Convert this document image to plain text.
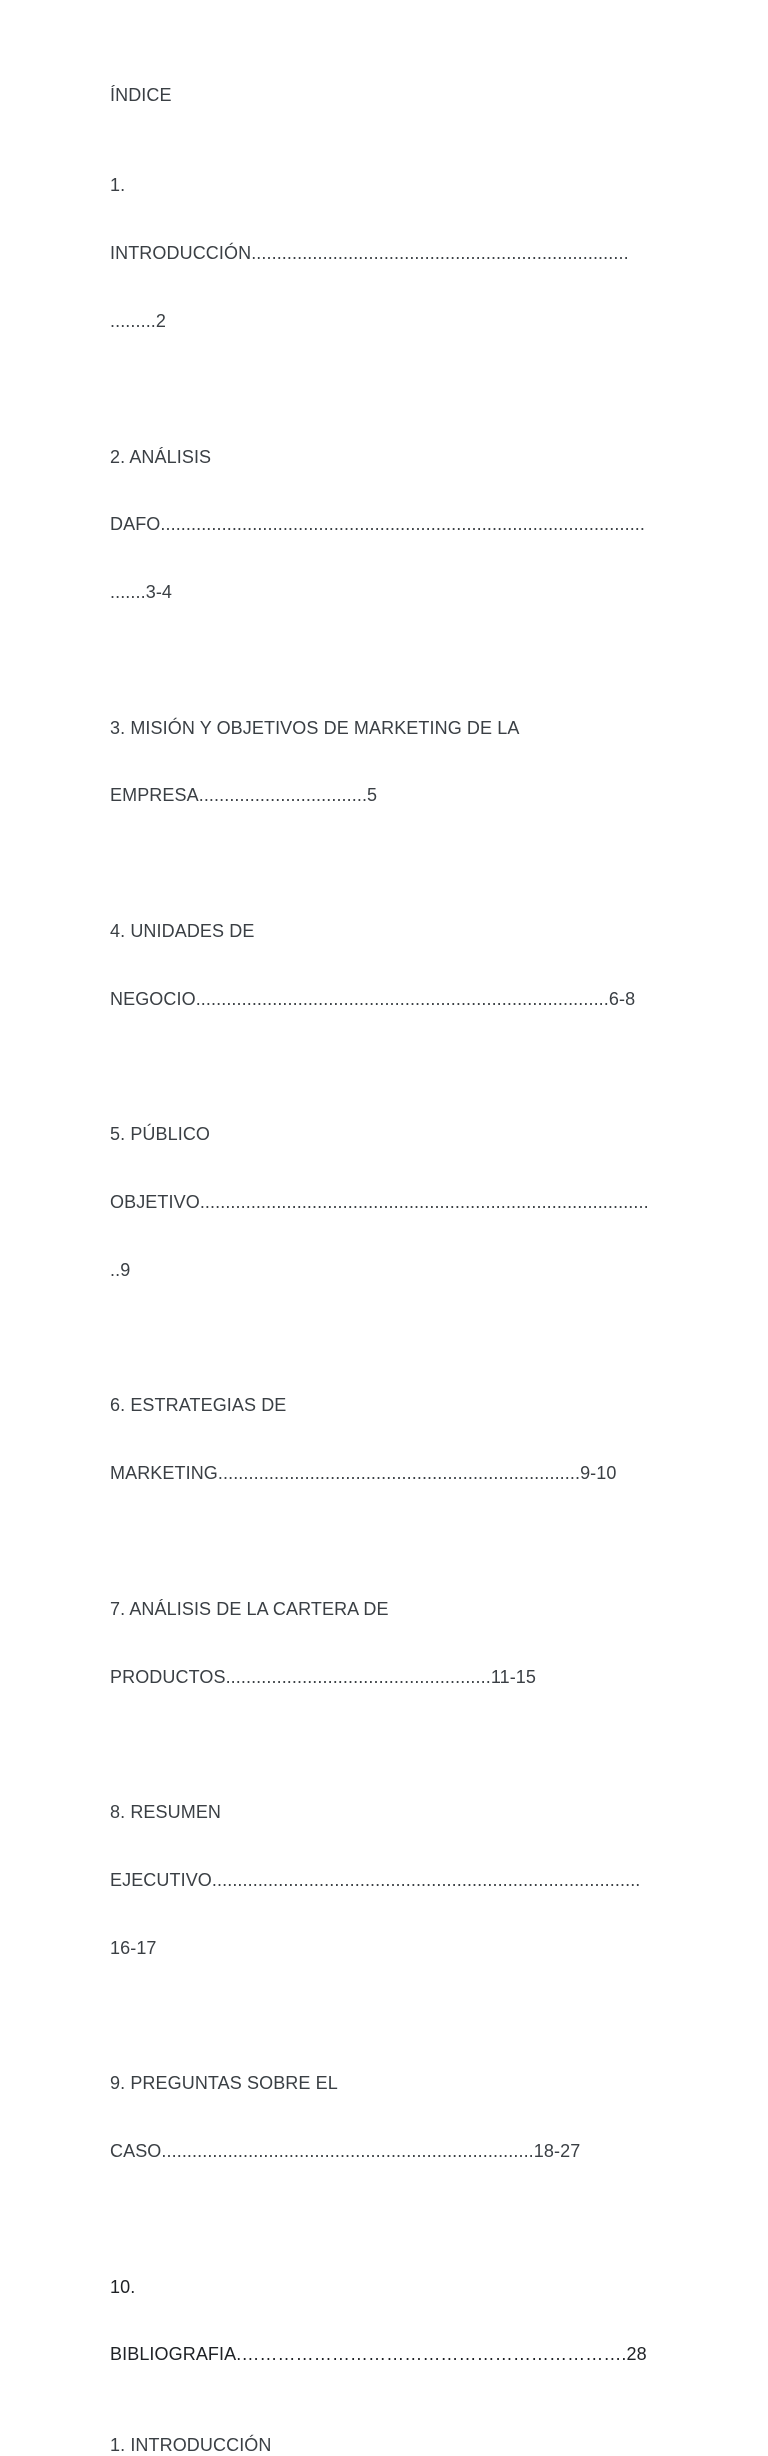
ÍNDICE

1.

INTRODUCCIÓN..........................................................................

.........2

2. ANÁLISIS

DAFO...............................................................................................

.......3-4

3. MISIÓN Y OBJETIVOS DE MARKETING DE LA

EMPRESA.................................5

4. UNIDADES DE

NEGOCIO.................................................................................6-8

5. PÚBLICO

OBJETIVO........................................................................................

..9

6. ESTRATEGIAS DE

MARKETING.......................................................................9-10

7. ANÁLISIS DE LA CARTERA DE

PRODUCTOS....................................................11-15

8. RESUMEN

EJECUTIVO....................................................................................

16-17

9. PREGUNTAS SOBRE EL

CASO.........................................................................18-27

10.

BIBLIOGRAFIA.……………………………………………………….28

1. INTRODUCCIÓN
